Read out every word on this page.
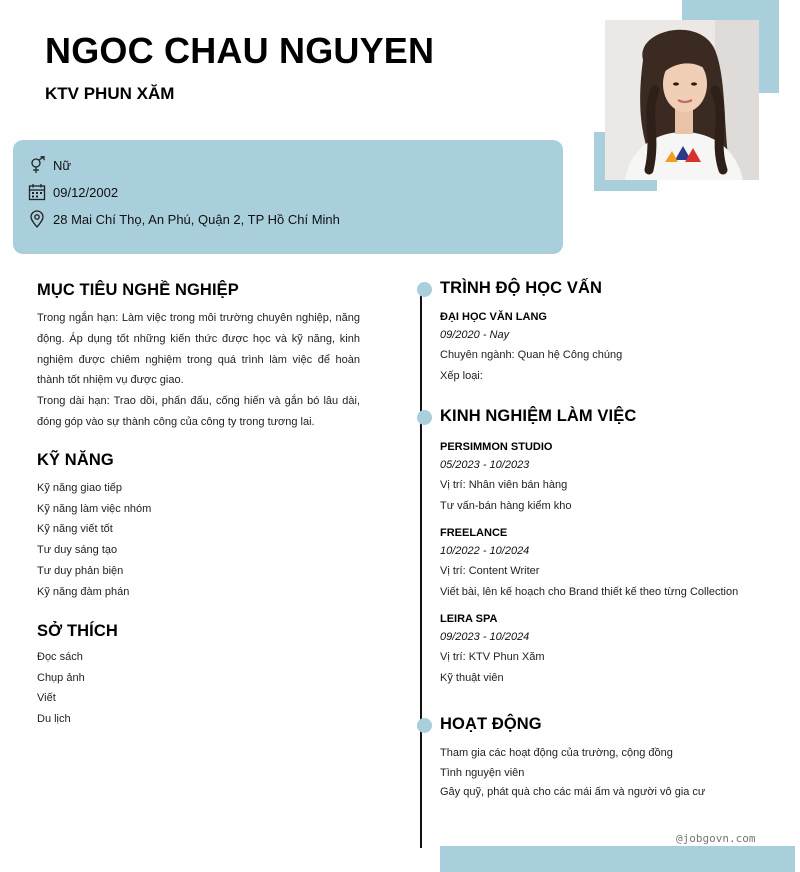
NGOC CHAU NGUYEN
KTV PHUN XĂM
Nữ
09/12/2002
28 Mai Chí Thọ, An Phú, Quận 2, TP Hồ Chí Minh
MỤC TIÊU NGHỀ NGHIỆP

Trong ngắn hạn: Làm việc trong môi trường chuyên nghiệp, năng động. Áp dụng tốt những kiến thức được học và kỹ năng, kinh nghiệm được chiêm nghiệm trong quá trình làm việc để hoàn thành tốt nhiệm vụ được giao.

Trong dài hạn: Trao dồi, phấn đấu, cống hiến và gắn bó lâu dài, đóng góp vào sự thành công của công ty trong tương lai.

KỸ NĂNG
Kỹ năng giao tiếp
Kỹ năng làm việc nhóm
Kỹ năng viết tốt
Tư duy sáng tạo
Tư duy phản biện
Kỹ năng đàm phán
SỞ THÍCH
Đọc sách
Chụp ảnh
Viết
Du lịch
TRÌNH ĐỘ HỌC VẤN
ĐẠI HỌC VĂN LANG
09/2020 - Nay
Chuyên ngành: Quan hệ Công chúng
Xếp loại:
KINH NGHIỆM LÀM VIỆC
PERSIMMON STUDIO
05/2023 - 10/2023
Vị trí: Nhân viên bán hàng
Tư vấn-bán hàng kiểm kho
FREELANCE
10/2022 - 10/2024
Vị trí: Content Writer
Viết bài, lên kế hoạch cho Brand thiết kế theo từng Collection
LEIRA SPA
09/2023 - 10/2024
Vị trí: KTV Phun Xăm
Kỹ thuật viên
HOẠT ĐỘNG
Tham gia các hoạt động của trường, cộng đồng
Tình nguyện viên
Gây quỹ, phát quà cho các mái ấm và người vô gia cư
@jobgovn.com
